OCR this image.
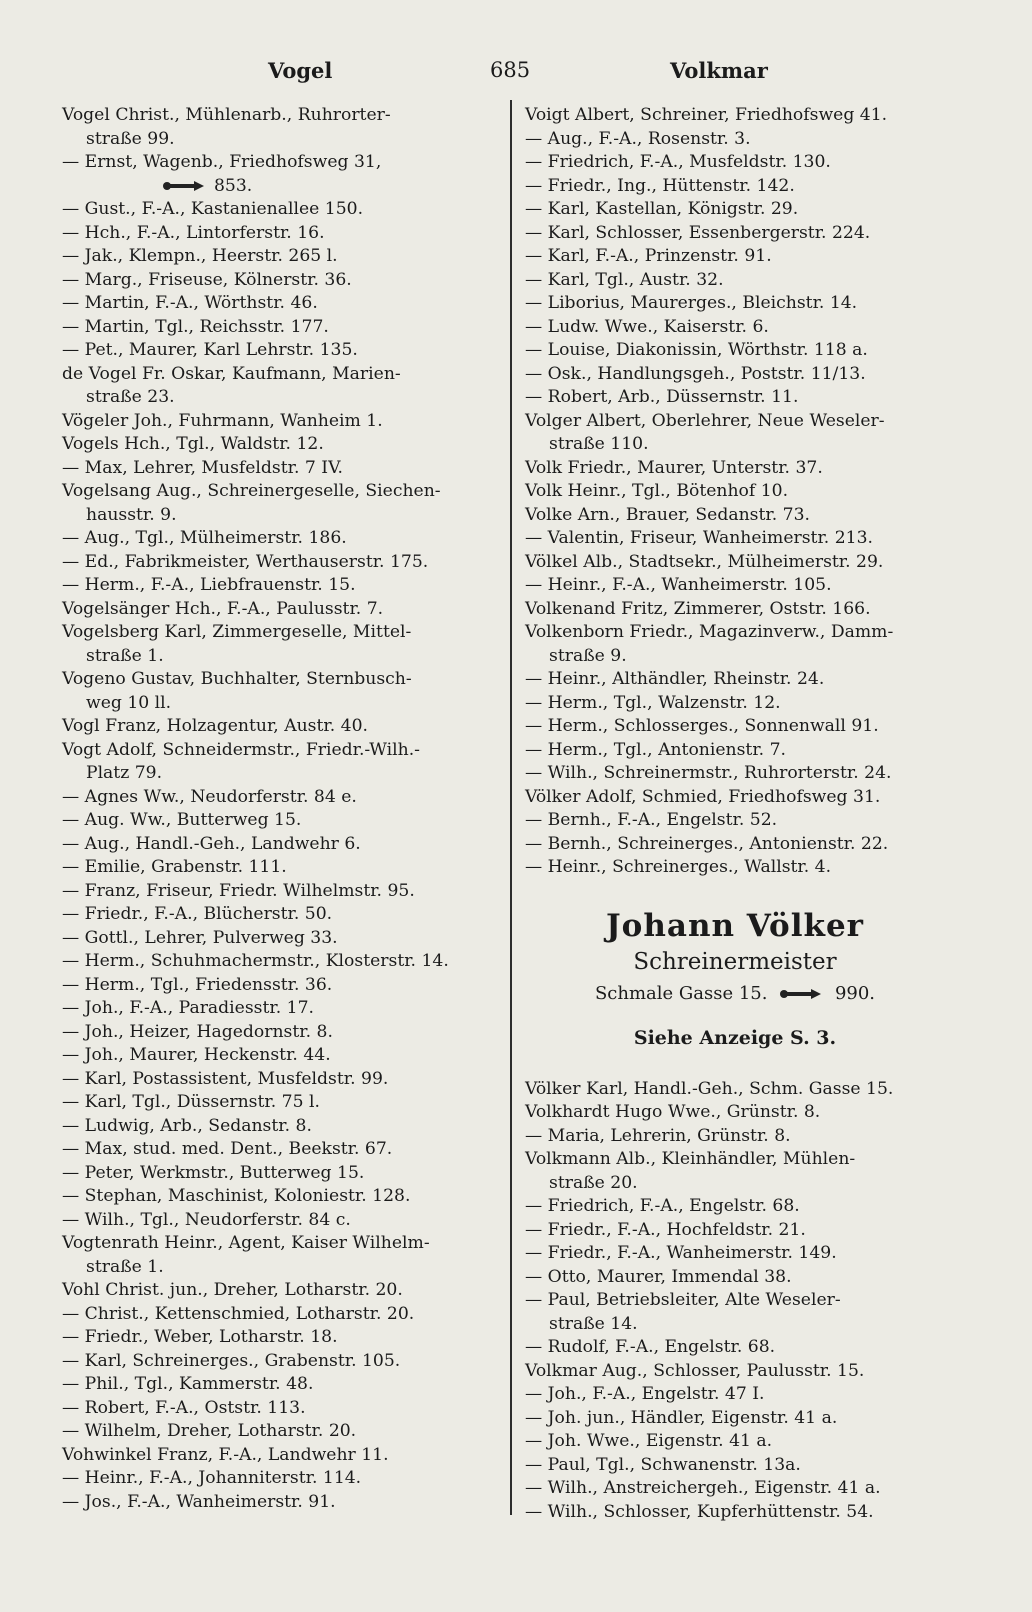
Vogel	685	Volkmar
Vogel Christ., Mühlenarb., Ruhrorter-
straße 99.
— Ernst, Wagenb., Friedhofsweg 31,
853.
— Gust., F.-A., Kastanienallee 150.
— Hch., F.-A., Lintorferstr. 16.
— Jak., Klempn., Heerstr. 265 l.
— Marg., Friseuse, Kölnerstr. 36.
— Martin, F.-A., Wörthstr. 46.
— Martin, Tgl., Reichsstr. 177.
— Pet., Maurer, Karl Lehrstr. 135.
de Vogel Fr. Oskar, Kaufmann, Marien-
straße 23.
Vögeler Joh., Fuhrmann, Wanheim 1.
Vogels Hch., Tgl., Waldstr. 12.
— Max, Lehrer, Musfeldstr. 7 IV.
Vogelsang Aug., Schreinergeselle, Siechen-
hausstr. 9.
— Aug., Tgl., Mülheimerstr. 186.
— Ed., Fabrikmeister, Werthauserstr. 175.
— Herm., F.-A., Liebfrauenstr. 15.
Vogelsänger Hch., F.-A., Paulusstr. 7.
Vogelsberg Karl, Zimmergeselle, Mittel-
straße 1.
Vogeno Gustav, Buchhalter, Sternbusch-
weg 10 ll.
Vogl Franz, Holzagentur, Austr. 40.
Vogt Adolf, Schneidermstr., Friedr.-Wilh.-
Platz 79.
— Agnes Ww., Neudorferstr. 84 e.
— Aug. Ww., Butterweg 15.
— Aug., Handl.-Geh., Landwehr 6.
— Emilie, Grabenstr. 111.
— Franz, Friseur, Friedr. Wilhelmstr. 95.
— Friedr., F.-A., Blücherstr. 50.
— Gottl., Lehrer, Pulverweg 33.
— Herm., Schuhmachermstr., Klosterstr. 14.
— Herm., Tgl., Friedensstr. 36.
— Joh., F.-A., Paradiesstr. 17.
— Joh., Heizer, Hagedornstr. 8.
— Joh., Maurer, Heckenstr. 44.
— Karl, Postassistent, Musfeldstr. 99.
— Karl, Tgl., Düssernstr. 75 l.
— Ludwig, Arb., Sedanstr. 8.
— Max, stud. med. Dent., Beekstr. 67.
— Peter, Werkmstr., Butterweg 15.
— Stephan, Maschinist, Koloniestr. 128.
— Wilh., Tgl., Neudorferstr. 84 c.
Vogtenrath Heinr., Agent, Kaiser Wilhelm-
straße 1.
Vohl Christ. jun., Dreher, Lotharstr. 20.
— Christ., Kettenschmied, Lotharstr. 20.
— Friedr., Weber, Lotharstr. 18.
— Karl, Schreinerges., Grabenstr. 105.
— Phil., Tgl., Kammerstr. 48.
— Robert, F.-A., Oststr. 113.
— Wilhelm, Dreher, Lotharstr. 20.
Vohwinkel Franz, F.-A., Landwehr 11.
— Heinr., F.-A., Johanniterstr. 114.
— Jos., F.-A., Wanheimerstr. 91.
Voigt Albert, Schreiner, Friedhofsweg 41.
— Aug., F.-A., Rosenstr. 3.
— Friedrich, F.-A., Musfeldstr. 130.
— Friedr., Ing., Hüttenstr. 142.
— Karl, Kastellan, Königstr. 29.
— Karl, Schlosser, Essenbergerstr. 224.
— Karl, F.-A., Prinzenstr. 91.
— Karl, Tgl., Austr. 32.
— Liborius, Maurerges., Bleichstr. 14.
— Ludw. Wwe., Kaiserstr. 6.
— Louise, Diakonissin, Wörthstr. 118 a.
— Osk., Handlungsgeh., Poststr. 11/13.
— Robert, Arb., Düssernstr. 11.
Volger Albert, Oberlehrer, Neue Weseler-
straße 110.
Volk Friedr., Maurer, Unterstr. 37.
Volk Heinr., Tgl., Bötenhof 10.
Volke Arn., Brauer, Sedanstr. 73.
— Valentin, Friseur, Wanheimerstr. 213.
Völkel Alb., Stadtsekr., Mülheimerstr. 29.
— Heinr., F.-A., Wanheimerstr. 105.
Volkenand Fritz, Zimmerer, Oststr. 166.
Volkenborn Friedr., Magazinverw., Damm-
straße 9.
— Heinr., Althändler, Rheinstr. 24.
— Herm., Tgl., Walzenstr. 12.
— Herm., Schlosserges., Sonnenwall 91.
— Herm., Tgl., Antonienstr. 7.
— Wilh., Schreinermstr., Ruhrorterstr. 24.
Völker Adolf, Schmied, Friedhofsweg 31.
— Bernh., F.-A., Engelstr. 52.
— Bernh., Schreinerges., Antonienstr. 22.
— Heinr., Schreinerges., Wallstr. 4.
Johann Völker
Schreinermeister
Schmale Gasse 15.	990.
Siehe Anzeige S. 3.
Völker Karl, Handl.-Geh., Schm. Gasse 15.
Volkhardt Hugo Wwe., Grünstr. 8.
— Maria, Lehrerin, Grünstr. 8.
Volkmann Alb., Kleinhändler, Mühlen-
straße 20.
— Friedrich, F.-A., Engelstr. 68.
— Friedr., F.-A., Hochfeldstr. 21.
— Friedr., F.-A., Wanheimerstr. 149.
— Otto, Maurer, Immendal 38.
— Paul, Betriebsleiter, Alte Weseler-
straße 14.
— Rudolf, F.-A., Engelstr. 68.
Volkmar Aug., Schlosser, Paulusstr. 15.
— Joh., F.-A., Engelstr. 47 I.
— Joh. jun., Händler, Eigenstr. 41 a.
— Joh. Wwe., Eigenstr. 41 a.
— Paul, Tgl., Schwanenstr. 13a.
— Wilh., Anstreichergeh., Eigenstr. 41 a.
— Wilh., Schlosser, Kupferhüttenstr. 54.
